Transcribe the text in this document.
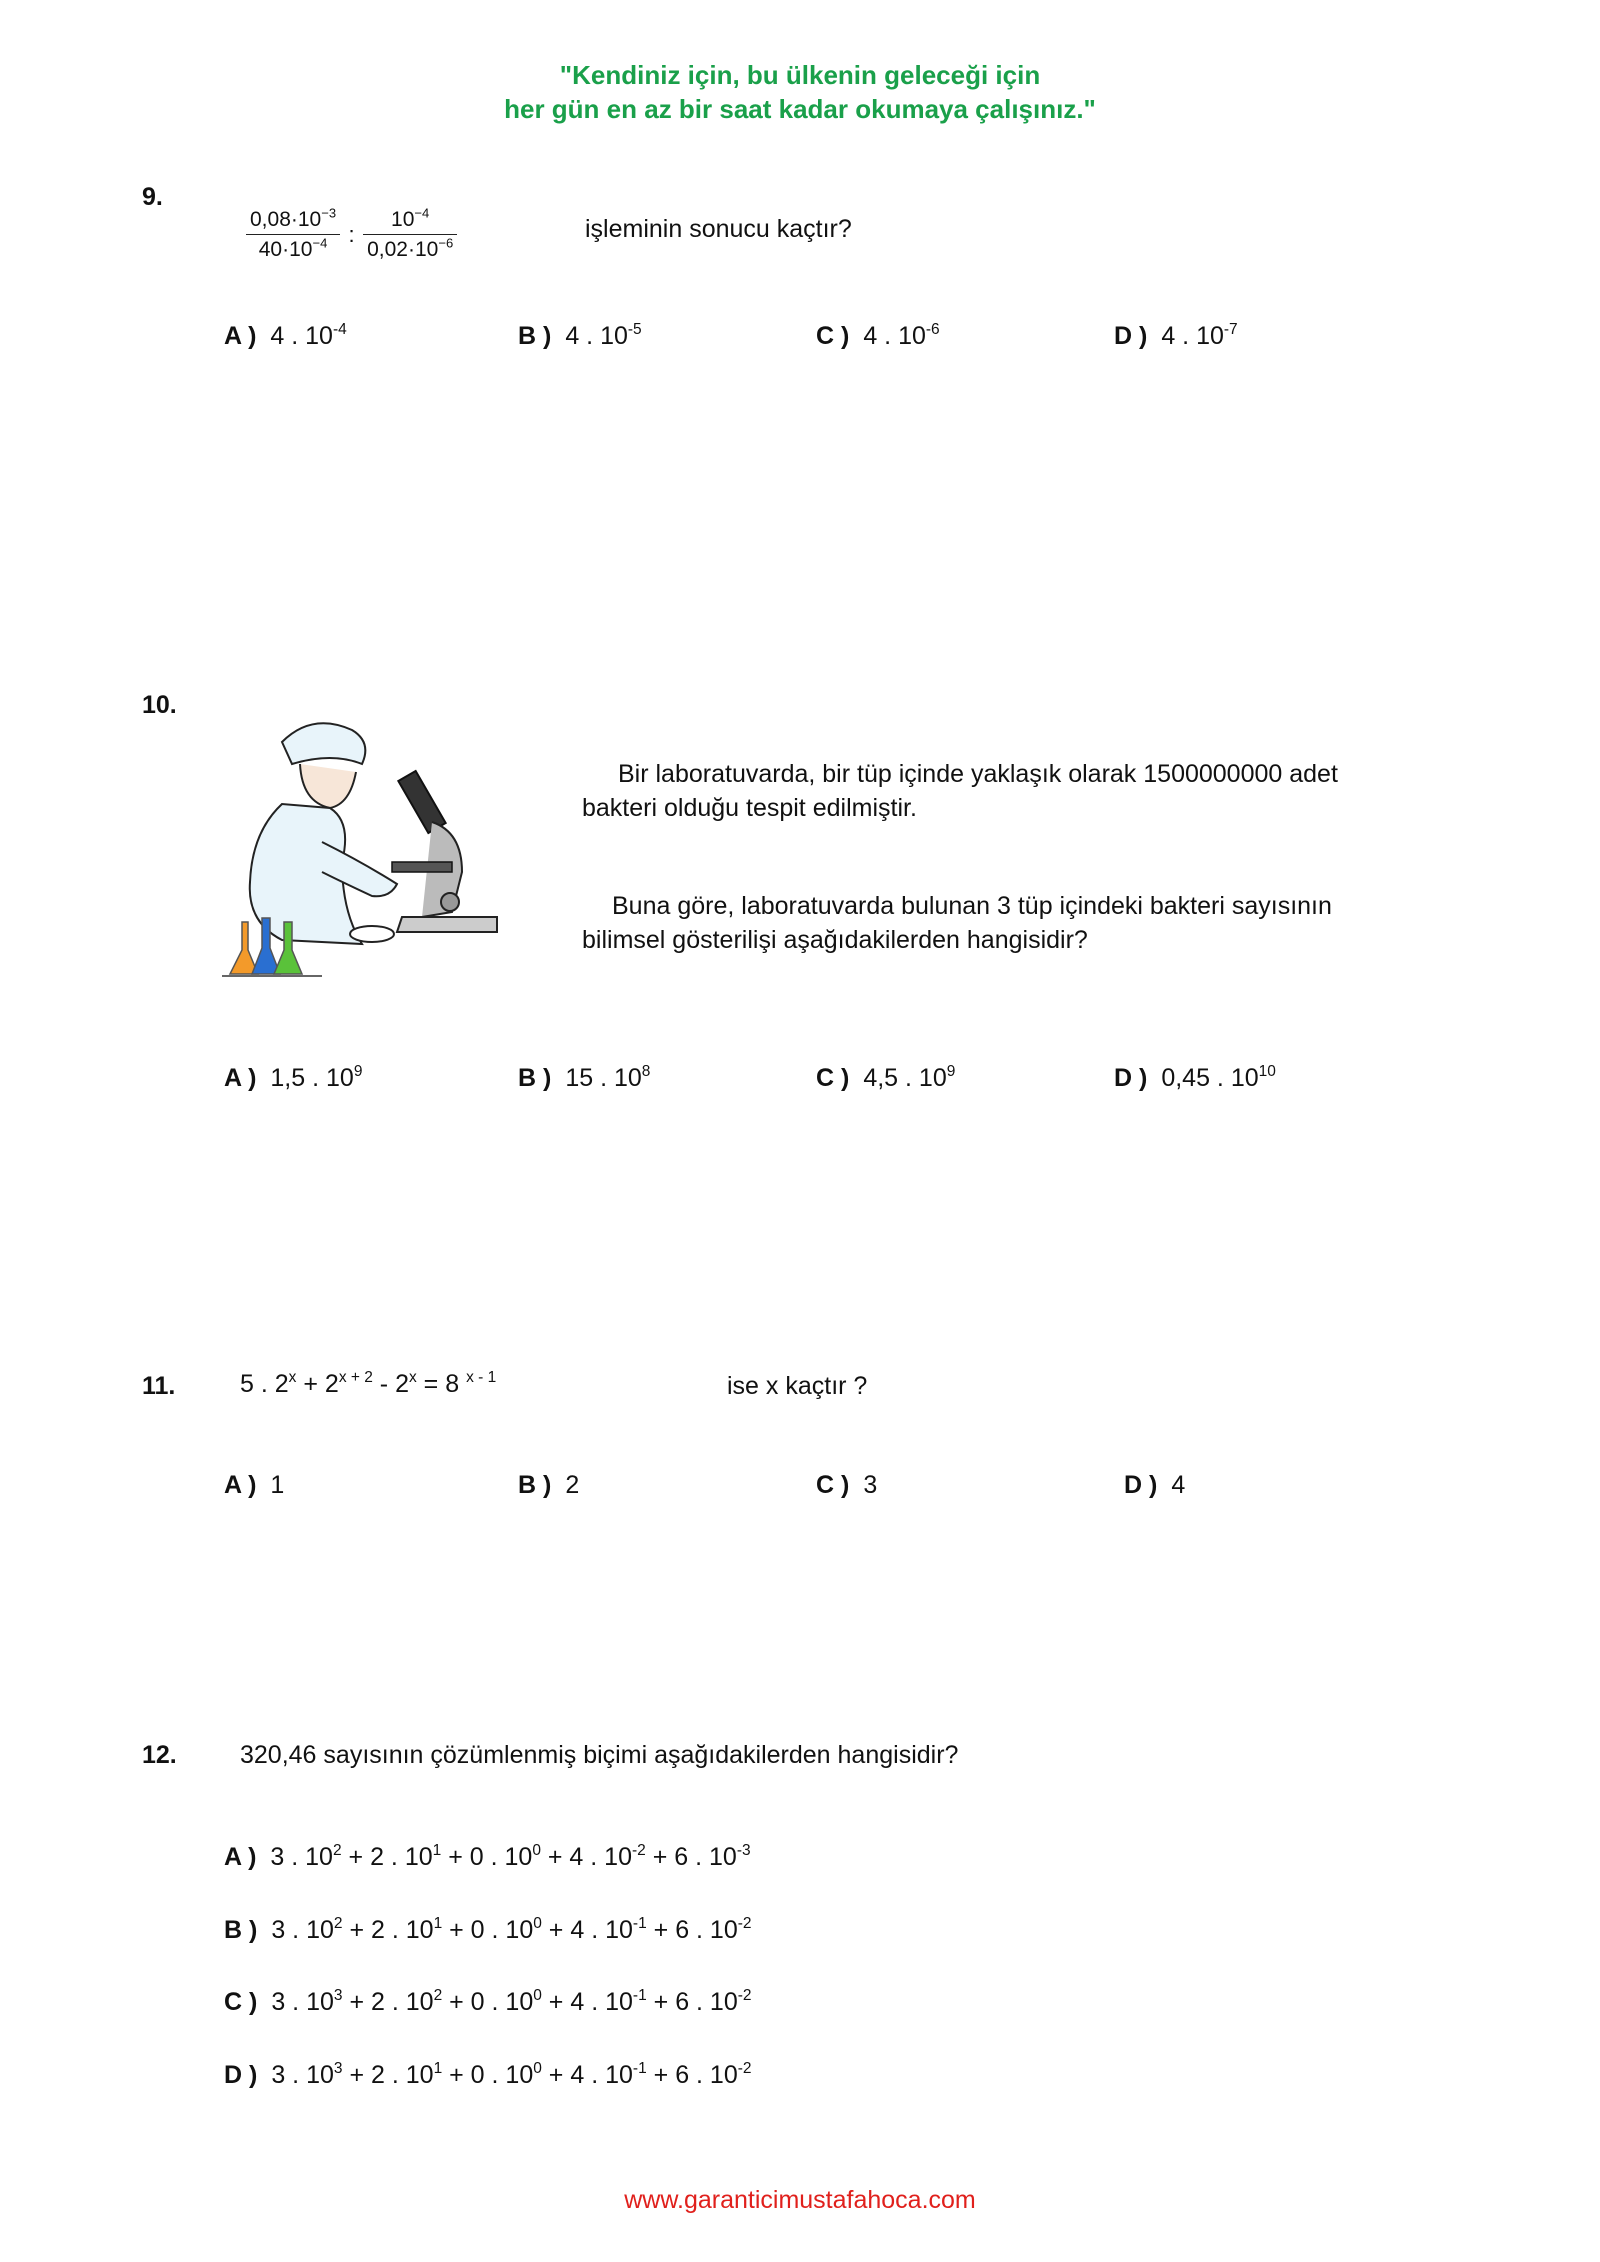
"Kendiniz için, bu ülkenin geleceği için
her gün en az bir saat kadar okumaya çalışınız."
9.
$\frac{0,08\cdot 10^{-3}}{40\cdot 10^{-4}}$ : $\frac{10^{-4}}{0,02\cdot 10^{-6}}$	işleminin sonucu kaçtır?
A ) 4 . $10^{-4}$	B ) 4 . $10^{-5}$	C ) 4 . $10^{-6}$	D ) 4 . $10^{-7}$
10.
Bir laboratuvarda, bir tüp içinde yaklaşık olarak 1500000000 adet bakteri olduğu tespit edilmiştir.
Buna göre, laboratuvarda bulunan 3 tüp içindeki bakteri sayısının bilimsel gösterilişi aşağıdakilerden hangisidir?
A ) 1,5 . $10^9$	B ) 15 . $10^8$	C ) 4,5 . $10^9$	D ) 0,45 . $10^{10}$
11.	5 . $2^x + 2^{x + 2} - 2^x = 8$ $^{x - 1}$	ise x kaçtır ?
A ) 1	B ) 2	C ) 3	D ) 4
12.	320,46 sayısının çözümlenmiş biçimi aşağıdakilerden hangisidir?
A ) 3 . $10^2 + 2$ . $10^1 + 0$ . $10^0 + 4$ . $10^{-2} + 6$ . $10^{-3}$
B ) 3 . $10^2 + 2$ . $10^1 + 0$ . $10^0 + 4$ . $10^{-1} + 6$ . $10^{-2}$
C ) 3 . $10^3 + 2$ . $10^2 + 0$ . $10^0 + 4$ . $10^{-1} + 6$ . $10^{-2}$
D ) 3 . $10^3 + 2$ . $10^1 + 0$ . $10^0 + 4$ . $10^{-1} + 6$ . $10^{-2}$
www.garanticimustafahoca.com
